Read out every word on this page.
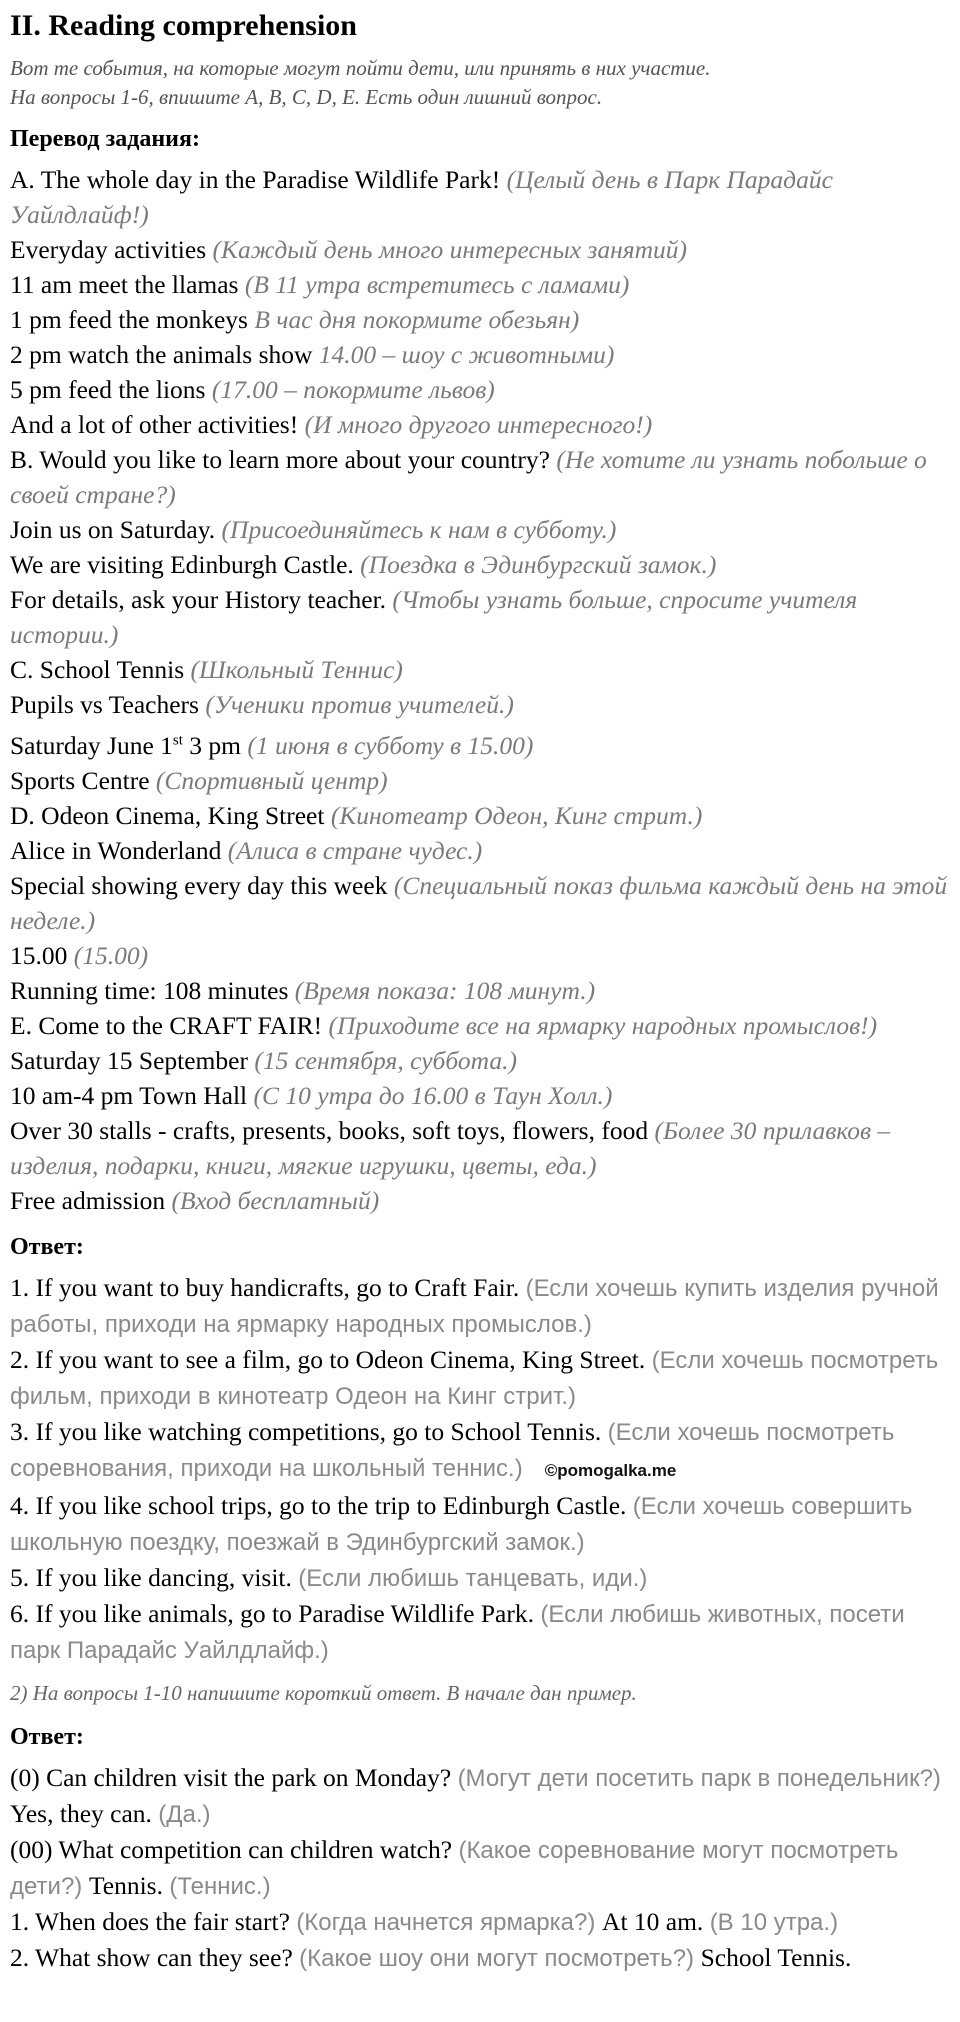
II. Reading comprehension
Вот те события, на которые могут пойти дети, или принять в них участие.
На вопросы 1-6, впишите A, B, C, D, E. Есть один лишний вопрос.
Перевод задания:

A. The whole day in the Paradise Wildlife Park! (Целый день в Парк Парадайс Уайлдлайф!)

Everyday activities (Каждый день много интересных занятий)

11 am meet the llamas (В 11 утра встретитесь с ламами)

1 pm feed the monkeys В час дня покормите обезьян)

2 pm watch the animals show 14.00 – шоу с животными)

5 pm feed the lions (17.00 – покормите львов)

And a lot of other activities! (И много другого интересного!)

B. Would you like to learn more about your country? (Не хотите ли узнать побольше о своей стране?)

Join us on Saturday. (Присоединяйтесь к нам в субботу.)

We are visiting Edinburgh Castle. (Поездка в Эдинбургский замок.)

For details, ask your History teacher. (Чтобы узнать больше, спросите учителя истории.)

C. School Tennis (Школьный Теннис)

Pupils vs Teachers (Ученики против учителей.)

Saturday June 1st 3 pm (1 июня в субботу в 15.00)

Sports Centre (Спортивный центр)

D. Odeon Cinema, King Street (Кинотеатр Одеон, Кинг стрит.)

Alice in Wonderland (Алиса в стране чудес.)

Special showing every day this week (Специальный показ фильма каждый день на этой неделе.)

15.00 (15.00)

Running time: 108 minutes (Время показа: 108 минут.)

E. Come to the CRAFT FAIR! (Приходите все на ярмарку народных промыслов!)

Saturday 15 September (15 сентября, суббота.)

10 am-4 pm Town Hall (С 10 утра до 16.00 в Таун Холл.)

Over 30 stalls - crafts, presents, books, soft toys, flowers, food (Более 30 прилавков – изделия, подарки, книги, мягкие игрушки, цветы, еда.)

Free admission (Вход бесплатный)

Ответ:

1. If you want to buy handicrafts, go to Craft Fair. (Если хочешь купить изделия ручной работы, приходи на ярмарку народных промыслов.)

2. If you want to see a film, go to Odeon Cinema, King Street. (Если хочешь посмотреть фильм, приходи в кинотеатр Одеон на Кинг стрит.)

3. If you like watching competitions, go to School Tennis. (Если хочешь посмотреть соревнования, приходи на школьный теннис.) ©pomogalka.me

4. If you like school trips, go to the trip to Edinburgh Castle. (Если хочешь совершить школьную поездку, поезжай в Эдинбургский замок.)

5. If you like dancing, visit. (Если любишь танцевать, иди.)

6. If you like animals, go to Paradise Wildlife Park. (Если любишь животных, посети парк Парадайс Уайлдлайф.)

2) На вопросы 1-10 напишите короткий ответ. В начале дан пример.
Ответ:

(0) Can children visit the park on Monday? (Могут дети посетить парк в понедельник?) Yes, they can. (Да.)

(00) What competition can children watch? (Какое соревнование могут посмотреть дети?) Tennis. (Теннис.)

1. When does the fair start? (Когда начнется ярмарка?) At 10 am. (В 10 утра.)

2. What show can they see? (Какое шоу они могут посмотреть?) School Tennis.
